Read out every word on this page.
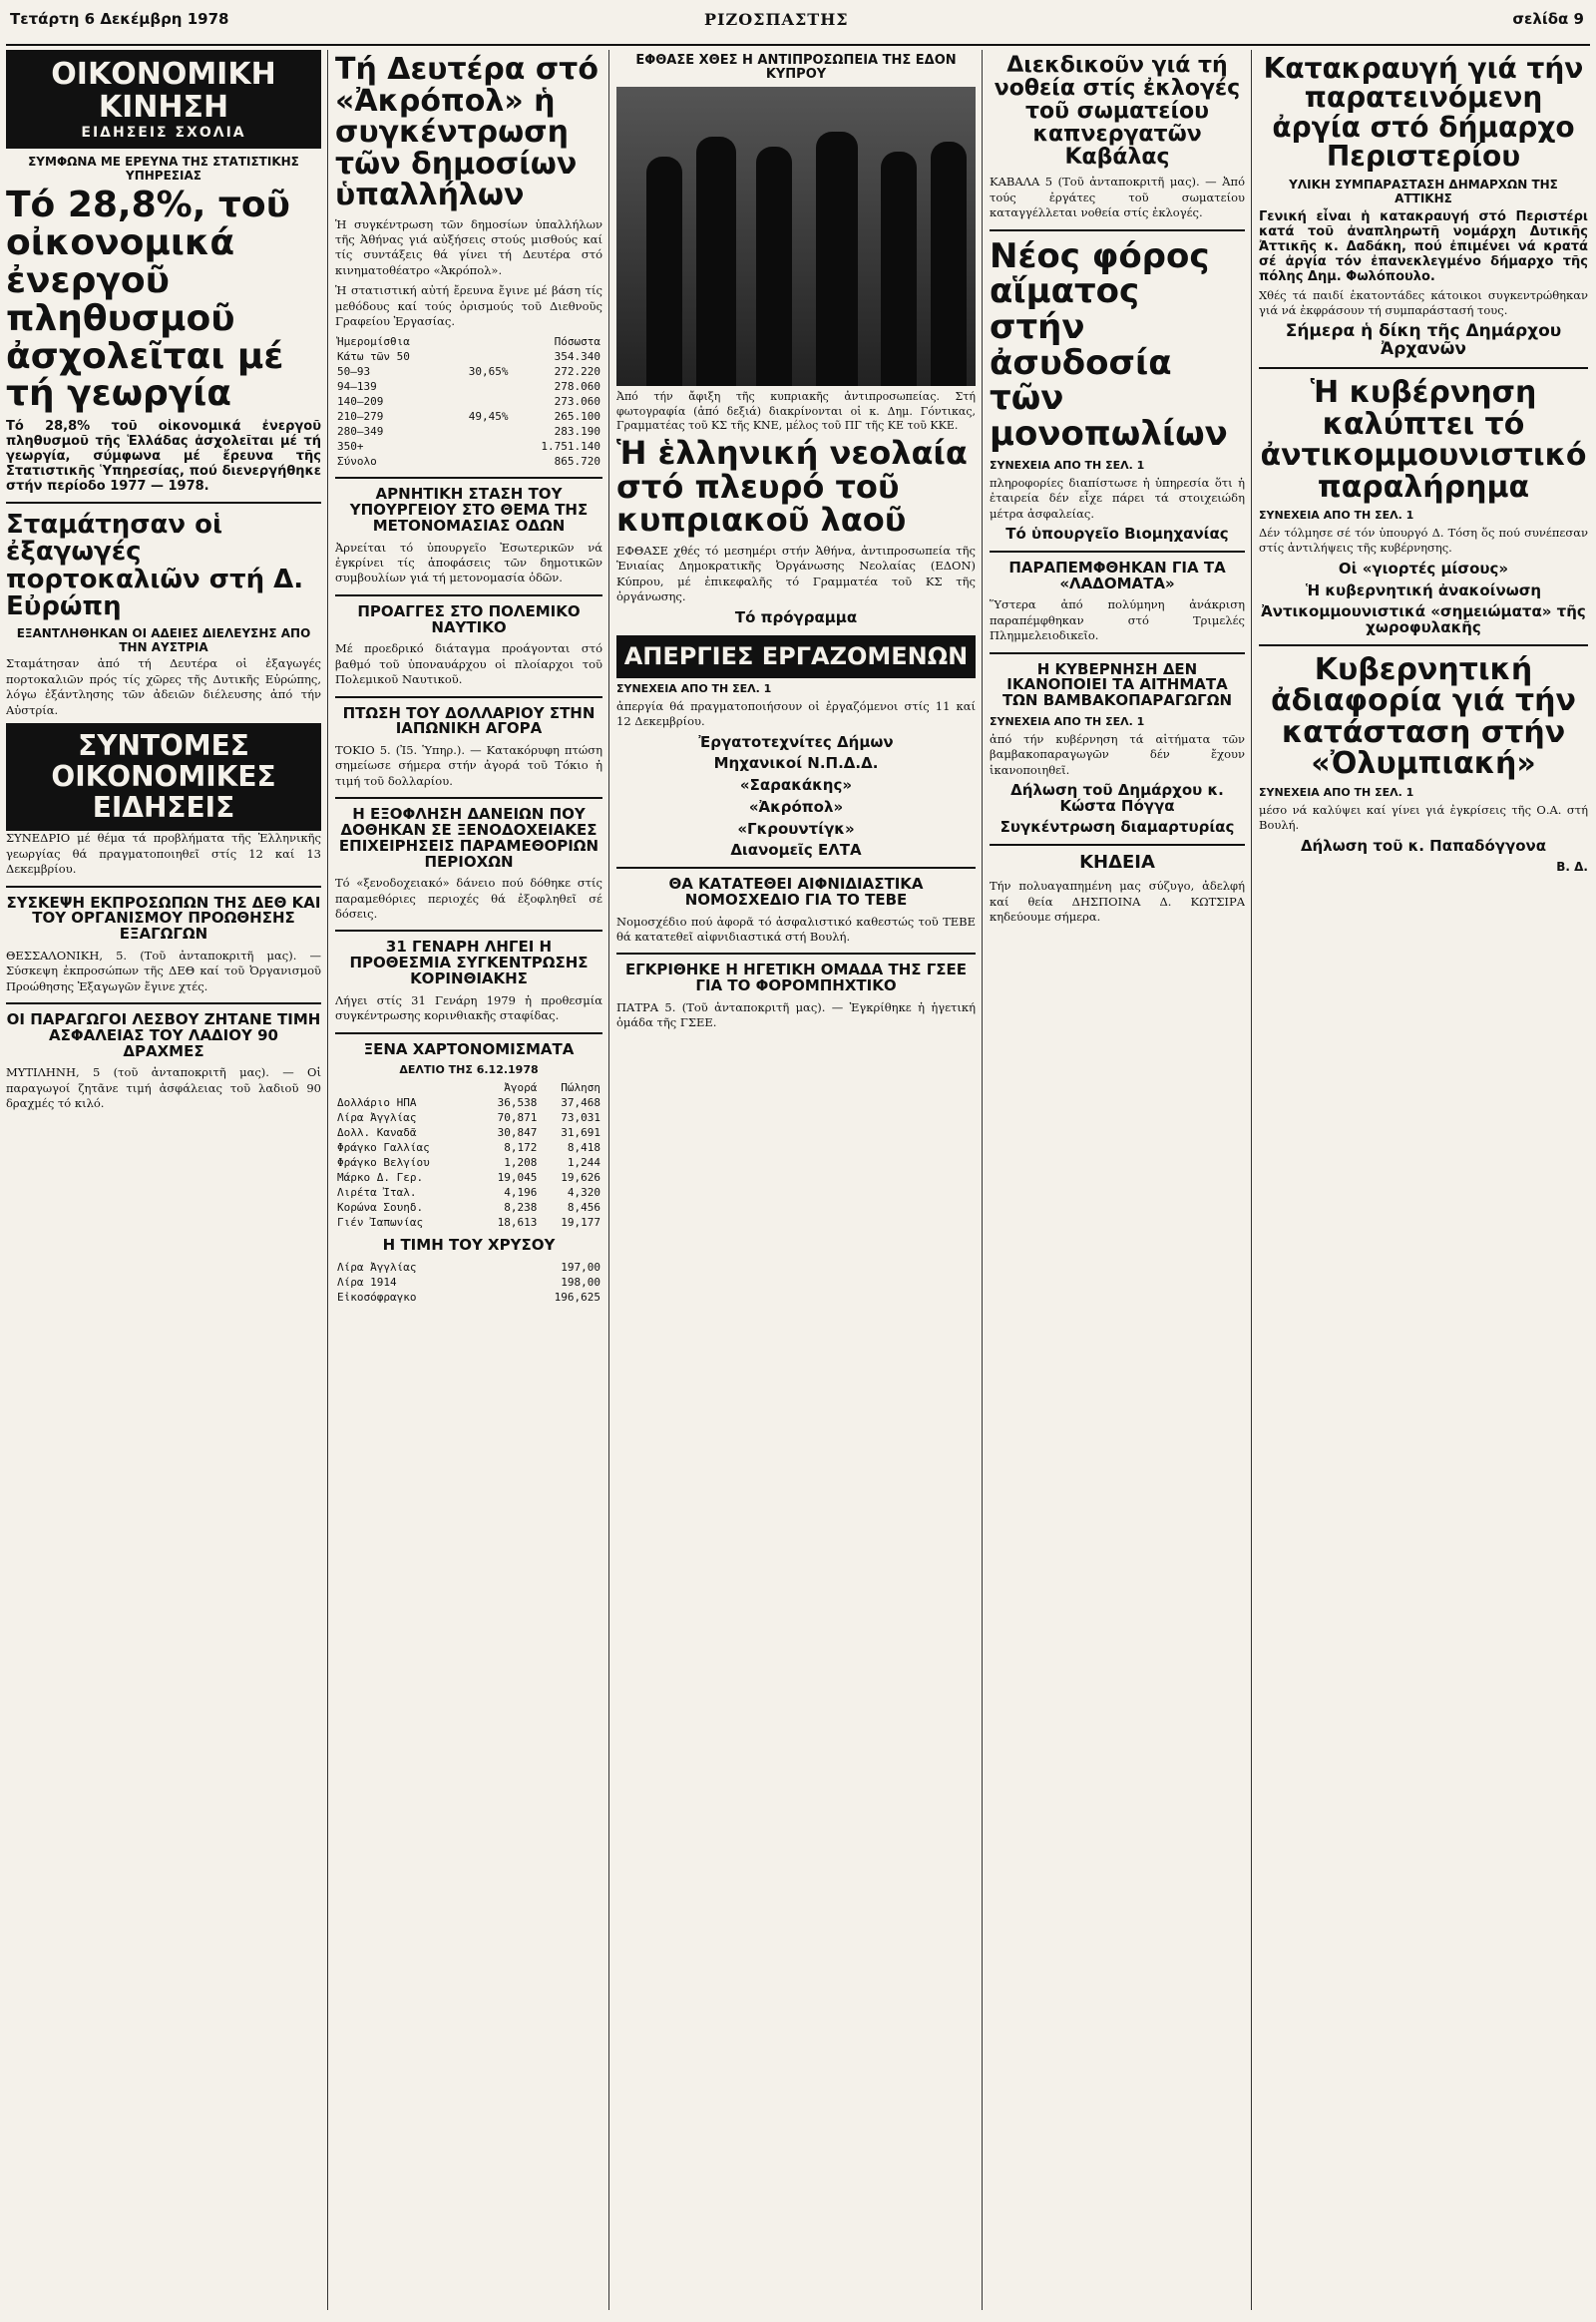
Τετάρτη 6 Δεκέμβρη 1978	ΡΙΖΟΣΠΑΣΤΗΣ	σελίδα 9
ΟΙΚΟΝΟΜΙΚΗ ΚΙΝΗΣΗ
ΕΙΔΗΣΕΙΣ ΣΧΟΛΙΑ
ΣΥΜΦΩΝΑ ΜΕ ΕΡΕΥΝΑ ΤΗΣ ΣΤΑΤΙΣΤΙΚΗΣ ΥΠΗΡΕΣΙΑΣ
Τό 28,8%, τοῦ οἰκονομικά ἐνεργοῦ πληθυσμοῦ ἀσχολεῖται μέ τή γεωργία

Τό 28,8% τοῦ οἰκονομικά ἐνεργοῦ πληθυσμοῦ τῆς Ἑλλάδας ἀσχολεῖται μέ τή γεωργία, σύμφωνα μέ ἔρευνα τῆς Στατιστικῆς Ὑπηρεσίας, πού διενεργήθηκε στήν περίοδο 1977 — 1978.

Σταμάτησαν οἱ ἐξαγωγές πορτοκαλιῶν στή Δ. Εὐρώπη
ΕΞΑΝΤΛΗΘΗΚΑΝ ΟΙ ΑΔΕΙΕΣ ΔΙΕΛΕΥΣΗΣ ΑΠΟ ΤΗΝ ΑΥΣΤΡΙΑ

Σταμάτησαν ἀπό τή Δευτέρα οἱ ἐξαγωγές πορτοκαλιῶν πρός τίς χῶρες τῆς Δυτικῆς Εὐρώπης, λόγω ἐξάντλησης τῶν ἀδειῶν διέλευσης ἀπό τήν Αὐστρία.

ΣΥΝΤΟΜΕΣ ΟΙΚΟΝΟΜΙΚΕΣ ΕΙΔΗΣΕΙΣ

ΣΥΝΕΔΡΙΟ μέ θέμα τά προβλήματα τῆς Ἑλληνικῆς γεωργίας θά πραγματοποιηθεῖ στίς 12 καί 13 Δεκεμβρίου.

ΣΥΣΚΕΨΗ ΕΚΠΡΟΣΩΠΩΝ ΤΗΣ ΔΕΘ ΚΑΙ ΤΟΥ ΟΡΓΑΝΙΣΜΟΥ ΠΡΟΩΘΗΣΗΣ ΕΞΑΓΩΓΩΝ

ΘΕΣΣΑΛΟΝΙΚΗ, 5. (Τοῦ ἀνταποκριτῆ μας). — Σύσκεψη ἐκπροσώπων τῆς ΔΕΘ καί τοῦ Ὀργανισμοῦ Προώθησης Ἐξαγωγῶν ἔγινε χτές.

ΟΙ ΠΑΡΑΓΩΓΟΙ ΛΕΣΒΟΥ ΖΗΤΑΝΕ ΤΙΜΗ ΑΣΦΑΛΕΙΑΣ ΤΟΥ ΛΑΔΙΟΥ 90 ΔΡΑΧΜΕΣ

ΜΥΤΙΛΗΝΗ, 5 (τοῦ ἀνταποκριτῆ μας). — Οἱ παραγωγοί ζητᾶνε τιμή ἀσφάλειας τοῦ λαδιοῦ 90 δραχμές τό κιλό.

Τή Δευτέρα στό «Ἀκρόπολ» ἡ συγκέντρωση τῶν δημοσίων ὑπαλλήλων

Ἡ συγκέντρωση τῶν δημοσίων ὑπαλλήλων τῆς Ἀθήνας γιά αὐξήσεις στούς μισθούς καί τίς συντάξεις θά γίνει τή Δευτέρα στό κινηματοθέατρο «Ἀκρόπολ».

Ἡ στατιστική αὐτή ἔρευνα ἔγινε μέ βάση τίς μεθόδους καί τούς ὁρισμούς τοῦ Διεθνοῦς Γραφείου Ἐργασίας.

Ἡμερομίσθια		Πόσωστα
Κάτω τῶν 50		354.340
50—93	30,65%	272.220
94—139		278.060
140—209		273.060
210—279	49,45%	265.100
280—349		283.190
350+		1.751.140
Σύνολο		865.720
ΑΡΝΗΤΙΚΗ ΣΤΑΣΗ ΤΟΥ ΥΠΟΥΡΓΕΙΟΥ ΣΤΟ ΘΕΜΑ ΤΗΣ ΜΕΤΟΝΟΜΑΣΙΑΣ ΟΔΩΝ

Ἀρνείται τό ὑπουργεῖο Ἐσωτερικῶν νά ἐγκρίνει τίς ἀποφάσεις τῶν δημοτικῶν συμβουλίων γιά τή μετονομασία ὁδῶν.

ΠΡΟΑΓΓΕΣ ΣΤΟ ΠΟΛΕΜΙΚΟ ΝΑΥΤΙΚΟ

Μέ προεδρικό διάταγμα προάγονται στό βαθμό τοῦ ὑποναυάρχου οἱ πλοίαρχοι τοῦ Πολεμικοῦ Ναυτικοῦ.

ΠΤΩΣΗ ΤΟΥ ΔΟΛΛΑΡΙΟΥ ΣΤΗΝ ΙΑΠΩΝΙΚΗ ΑΓΟΡΑ

ΤΟΚΙΟ 5. (Ἰ5. Ὑπηρ.). — Κατακόρυφη πτώση σημείωσε σήμερα στήν ἀγορά τοῦ Τόκιο ἡ τιμή τοῦ δολλαρίου.

Η ΕΞΟΦΛΗΣΗ ΔΑΝΕΙΩΝ ΠΟΥ ΔΟΘΗΚΑΝ ΣΕ ΞΕΝΟΔΟΧΕΙΑΚΕΣ ΕΠΙΧΕΙΡΗΣΕΙΣ ΠΑΡΑΜΕΘΟΡΙΩΝ ΠΕΡΙΟΧΩΝ

Τό «ξενοδοχειακό» δάνειο πού δόθηκε στίς παραμεθόριες περιοχές θά ἐξοφληθεῖ σέ δόσεις.

31 ΓΕΝΑΡΗ ΛΗΓΕΙ Η ΠΡΟΘΕΣΜΙΑ ΣΥΓΚΕΝΤΡΩΣΗΣ ΚΟΡΙΝΘΙΑΚΗΣ

Λήγει στίς 31 Γενάρη 1979 ἡ προθεσμία συγκέντρωσης κορινθιακῆς σταφίδας.

ΞΕΝΑ ΧΑΡΤΟΝΟΜΙΣΜΑΤΑ
ΔΕΛΤΙΟ ΤΗΣ 6.12.1978
	Ἀγορά	Πώληση
Δολλάριο ΗΠΑ	36,538	37,468
Λίρα Ἀγγλίας	70,871	73,031
Δολλ. Καναδᾶ	30,847	31,691
Φράγκο Γαλλίας	8,172	8,418
Φράγκο Βελγίου	1,208	1,244
Μάρκο Δ. Γερ.	19,045	19,626
Λιρέτα Ἰταλ.	4,196	4,320
Κορώνα Σουηδ.	8,238	8,456
Γιέν Ἰαπωνίας	18,613	19,177
Η ΤΙΜΗ ΤΟΥ ΧΡΥΣΟΥ
Λίρα Ἀγγλίας	197,00
Λίρα 1914	198,00
Εἰκοσόφραγκο	196,625
ΕΦΘΑΣΕ ΧΘΕΣ Η ΑΝΤΙΠΡΟΣΩΠΕΙΑ ΤΗΣ ΕΔΟΝ ΚΥΠΡΟΥ

Ἀπό τήν ἄφιξη τῆς κυπριακῆς ἀντιπροσωπείας. Στή φωτογραφία (ἀπό δεξιά) διακρίνονται οἱ κ. Δημ. Γόντικας, Γραμματέας τοῦ ΚΣ τῆς ΚΝΕ, μέλος τοῦ ΠΓ τῆς ΚΕ τοῦ ΚΚΕ.

Ἡ ἑλληνική νεολαία στό πλευρό τοῦ κυπριακοῦ λαοῦ

ΕΦΘΑΣΕ χθές τό μεσημέρι στήν Ἀθήνα, ἀντιπροσωπεία τῆς Ἑνιαίας Δημοκρατικῆς Ὀργάνωσης Νεολαίας (ΕΔΟΝ) Κύπρου, μέ ἐπικεφαλῆς τό Γραμματέα τοῦ ΚΣ τῆς ὀργάνωσης.

Τό πρόγραμμα
ΑΠΕΡΓΙΕΣ ΕΡΓΑΖΟΜΕΝΩΝ
ΣΥΝΕΧΕΙΑ ΑΠΟ ΤΗ ΣΕΛ. 1

ἀπεργία θά πραγματοποιήσουν οἱ ἐργαζόμενοι στίς 11 καί 12 Δεκεμβρίου.

Ἐργατοτεχνίτες Δήμων
Μηχανικοί Ν.Π.Δ.Δ.
«Σαρακάκης»
«Ἀκρόπολ»
«Γκρουντίγκ»
Διανομεῖς ΕΛΤΑ
ΘΑ ΚΑΤΑΤΕΘΕΙ ΑΙΦΝΙΔΙΑΣΤΙΚΑ ΝΟΜΟΣΧΕΔΙΟ ΓΙΑ ΤΟ ΤΕΒΕ

Νομοσχέδιο πού ἀφορᾶ τό ἀσφαλιστικό καθεστώς τοῦ ΤΕΒΕ θά κατατεθεῖ αἰφνιδιαστικά στή Βουλή.

ΕΓΚΡΙΘΗΚΕ Η ΗΓΕΤΙΚΗ ΟΜΑΔΑ ΤΗΣ ΓΣΕΕ ΓΙΑ ΤΟ ΦΟΡΟΜΠΗΧΤΙΚΟ

ΠΑΤΡΑ 5. (Τοῦ ἀνταποκριτῆ μας). — Ἐγκρίθηκε ἡ ἡγετική ὁμάδα τῆς ΓΣΕΕ.

Διεκδικοῦν γιά τή νοθεία στίς ἐκλογές τοῦ σωματείου καπνεργατῶν Καβάλας

ΚΑΒΑΛΑ 5 (Τοῦ ἀνταποκριτῆ μας). — Ἀπό τούς ἐργάτες τοῦ σωματείου καταγγέλλεται νοθεία στίς ἐκλογές.

Νέος φόρος αἵματος στήν ἀσυδοσία τῶν μονοπωλίων
ΣΥΝΕΧΕΙΑ ΑΠΟ ΤΗ ΣΕΛ. 1

πληροφορίες διαπίστωσε ἡ ὑπηρεσία ὅτι ἡ ἐταιρεία δέν εἶχε πάρει τά στοιχειώδη μέτρα ἀσφαλείας.

Τό ὑπουργεῖο Βιομηχανίας
ΠΑΡΑΠΕΜΦΘΗΚΑΝ ΓΙΑ ΤΑ «ΛΑΔΟΜΑΤΑ»

Ὕστερα ἀπό πολύμηνη ἀνάκριση παραπέμφθηκαν στό Τριμελές Πλημμελειοδικεῖο.

Η ΚΥΒΕΡΝΗΣΗ ΔΕΝ ΙΚΑΝΟΠΟΙΕΙ ΤΑ ΑΙΤΗΜΑΤΑ ΤΩΝ ΒΑΜΒΑΚΟΠΑΡΑΓΩΓΩΝ
ΣΥΝΕΧΕΙΑ ΑΠΟ ΤΗ ΣΕΛ. 1

ἀπό τήν κυβέρνηση τά αἰτήματα τῶν βαμβακοπαραγωγῶν δέν ἔχουν ἱκανοποιηθεῖ.

Δήλωση τοῦ Δημάρχου κ. Κώστα Πόγγα
Συγκέντρωση διαμαρτυρίας
ΚΗΔΕΙΑ

Τήν πολυαγαπημένη μας σύζυγο, ἀδελφή καί θεία ΔΗΣΠΟΙΝΑ Δ. ΚΩΤΣΙΡΑ κηδεύουμε σήμερα.

Κατακραυγή γιά τήν παρατεινόμενη ἀργία στό δήμαρχο Περιστερίου
ΥΛΙΚΗ ΣΥΜΠΑΡΑΣΤΑΣΗ ΔΗΜΑΡΧΩΝ ΤΗΣ ΑΤΤΙΚΗΣ

Γενική εἶναι ἡ κατακραυγή στό Περιστέρι κατά τοῦ ἀναπληρωτῆ νομάρχη Δυτικῆς Ἀττικῆς κ. Δαδάκη, πού ἐπιμένει νά κρατά σέ ἀργία τόν ἐπανεκλεγμένο δήμαρχο τῆς πόλης Δημ. Φωλόπουλο.

Χθές τά παιδί ἑκατοντάδες κάτοικοι συγκεντρώθηκαν γιά νά ἐκφράσουν τή συμπαράστασή τους.

Σήμερα ἡ δίκη τῆς Δημάρχου Ἀρχανῶν
Ἡ κυβέρνηση καλύπτει τό ἀντικομμουνιστικό παραλήρημα
ΣΥΝΕΧΕΙΑ ΑΠΟ ΤΗ ΣΕΛ. 1

Δέν τόλμησε σέ τόν ὑπουργό Δ. Τόση ὅς πού συνέπεσαν στίς ἀντιλήψεις τῆς κυβέρνησης.

Οἱ «γιορτές μίσους»
Ἡ κυβερνητική ἀνακοίνωση
Ἀντικομμουνιστικά «σημειώματα» τῆς χωροφυλακῆς
Κυβερνητική ἀδιαφορία γιά τήν κατάσταση στήν «Ὀλυμπιακή»
ΣΥΝΕΧΕΙΑ ΑΠΟ ΤΗ ΣΕΛ. 1

μέσο νά καλύψει καί γίνει γιά ἐγκρίσεις τῆς Ο.Α. στή Βουλή.

Δήλωση τοῦ κ. Παπαδόγγονα
Β. Δ.
